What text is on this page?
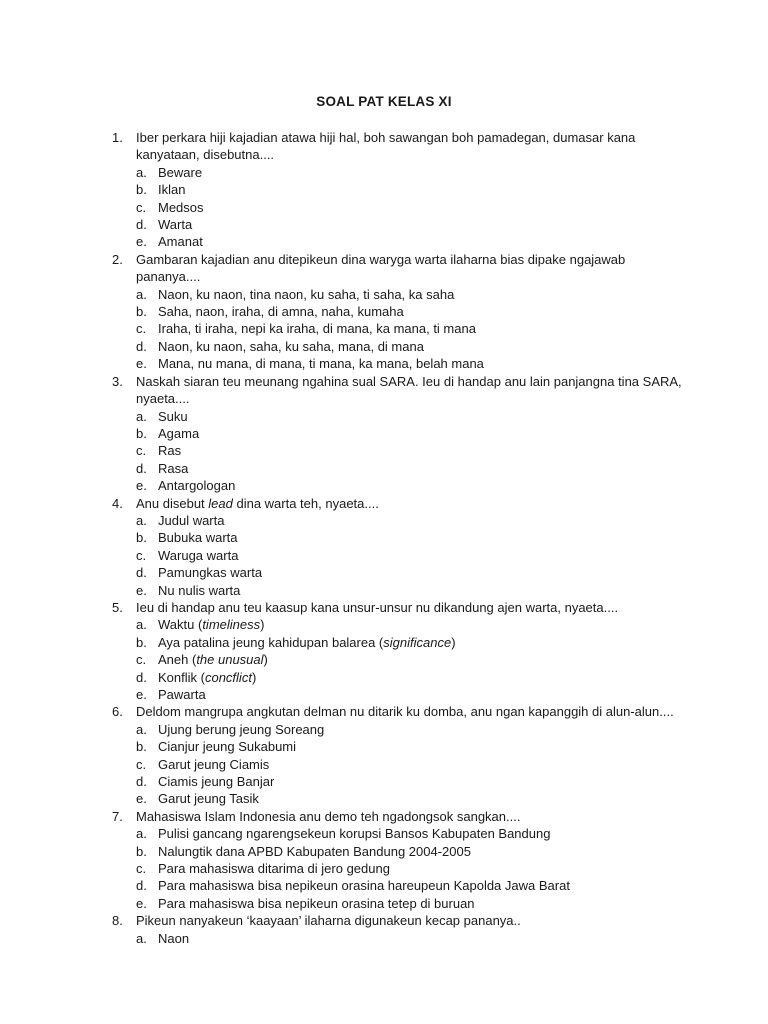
SOAL PAT KELAS XI
1.	Iber perkara hiji kajadian atawa hiji hal, boh sawangan boh pamadegan, dumasar kana kanyataan, disebutna....
a. Beware
b. Iklan
c. Medsos
d. Warta
e. Amanat
2.	Gambaran kajadian anu ditepikeun dina waryga warta ilaharna bias dipake ngajawab pananya....
a. Naon, ku naon, tina naon, ku saha, ti saha, ka saha
b. Saha, naon, iraha, di amna, naha, kumaha
c. Iraha, ti iraha, nepi ka iraha, di mana, ka mana, ti mana
d. Naon, ku naon, saha, ku saha, mana, di mana
e. Mana, nu mana, di mana, ti mana, ka mana, belah mana
3.	Naskah siaran teu meunang ngahina sual SARA. Ieu di handap anu lain panjangna tina SARA, nyaeta....
a. Suku
b. Agama
c. Ras
d. Rasa
e. Antargologan
4.	Anu disebut lead dina warta teh, nyaeta....
a. Judul warta
b. Bubuka warta
c. Waruga warta
d. Pamungkas warta
e. Nu nulis warta
5.	Ieu di handap anu teu kaasup kana unsur-unsur nu dikandung ajen warta, nyaeta....
a. Waktu (timeliness)
b. Aya patalina jeung kahidupan balarea (significance)
c. Aneh (the unusual)
d. Konflik (concflict)
e. Pawarta
6.	Deldom mangrupa angkutan delman nu ditarik ku domba, anu ngan kapanggih di alun-alun....
a. Ujung berung jeung Soreang
b. Cianjur jeung Sukabumi
c. Garut jeung Ciamis
d. Ciamis jeung Banjar
e. Garut jeung Tasik
7.	Mahasiswa Islam Indonesia anu demo teh ngadongsok sangkan....
a. Pulisi gancang ngarengsekeun korupsi Bansos Kabupaten Bandung
b. Nalungtik dana APBD Kabupaten Bandung 2004-2005
c. Para mahasiswa ditarima di jero gedung
d. Para mahasiswa bisa nepikeun orasina hareupeun Kapolda Jawa Barat
e. Para mahasiswa bisa nepikeun orasina tetep di buruan
8.	Pikeun nanyakeun ‘kaayaan’ ilaharna digunakeun kecap pananya..
a. Naon
